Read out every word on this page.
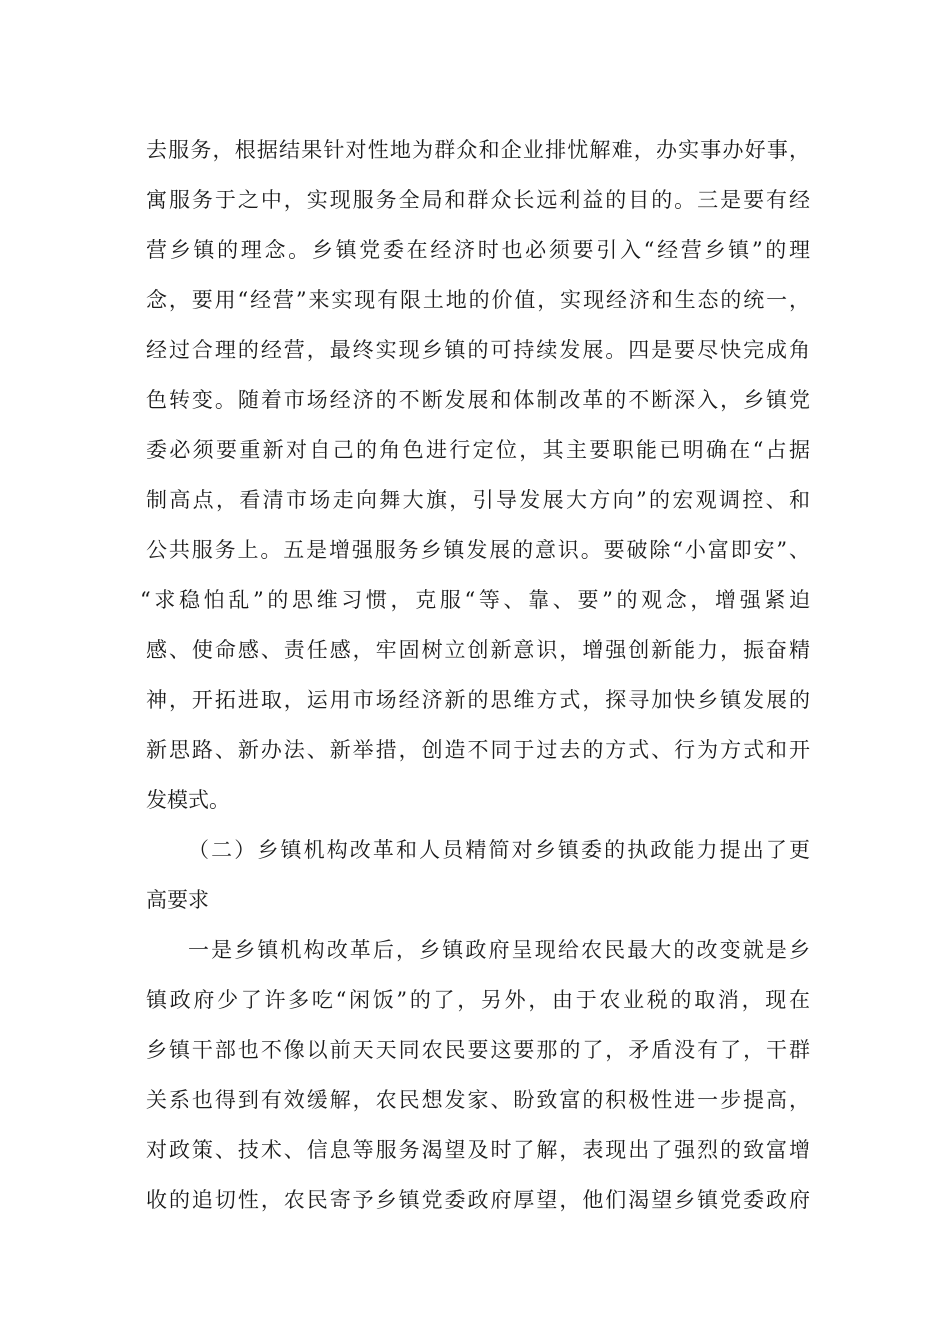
去服务，根据结果针对性地为群众和企业排忧解难，办实事办好事，
寓服务于之中，实现服务全局和群众长远利益的目的。三是要有经
营乡镇的理念。乡镇党委在经济时也必须要引入“经营乡镇”的理
念，要用“经营”来实现有限土地的价值，实现经济和生态的统一，
经过合理的经营，最终实现乡镇的可持续发展。四是要尽快完成角
色转变。随着市场经济的不断发展和体制改革的不断深入，乡镇党
委必须要重新对自己的角色进行定位，其主要职能已明确在“占据
制高点，看清市场走向舞大旗，引导发展大方向”的宏观调控、和
公共服务上。五是增强服务乡镇发展的意识。要破除“小富即安”、
“求稳怕乱”的思维习惯，克服“等、靠、要”的观念，增强紧迫
感、使命感、责任感，牢固树立创新意识，增强创新能力，振奋精
神，开拓进取，运用市场经济新的思维方式，探寻加快乡镇发展的
新思路、新办法、新举措，创造不同于过去的方式、行为方式和开
发模式。
（二）乡镇机构改革和人员精简对乡镇委的执政能力提出了更
高要求
一是乡镇机构改革后，乡镇政府呈现给农民最大的改变就是乡
镇政府少了许多吃“闲饭”的了，另外，由于农业税的取消，现在
乡镇干部也不像以前天天同农民要这要那的了，矛盾没有了，干群
关系也得到有效缓解，农民想发家、盼致富的积极性进一步提高，
对政策、技术、信息等服务渴望及时了解，表现出了强烈的致富增
收的追切性，农民寄予乡镇党委政府厚望，他们渴望乡镇党委政府
